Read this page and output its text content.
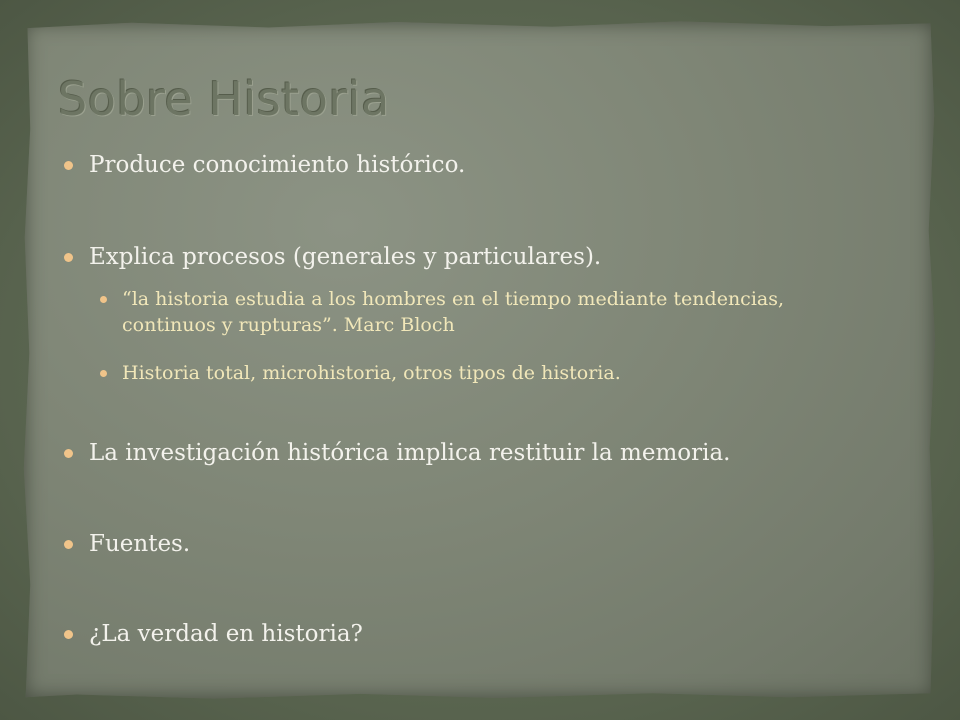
Sobre Historia
Produce conocimiento histórico.
Explica procesos (generales y particulares).
“la historia estudia a los hombres en el tiempo mediante tendencias, continuos y rupturas”. Marc Bloch
Historia total, microhistoria, otros tipos de historia.
La investigación histórica implica restituir la memoria.
Fuentes.
¿La verdad en historia?
